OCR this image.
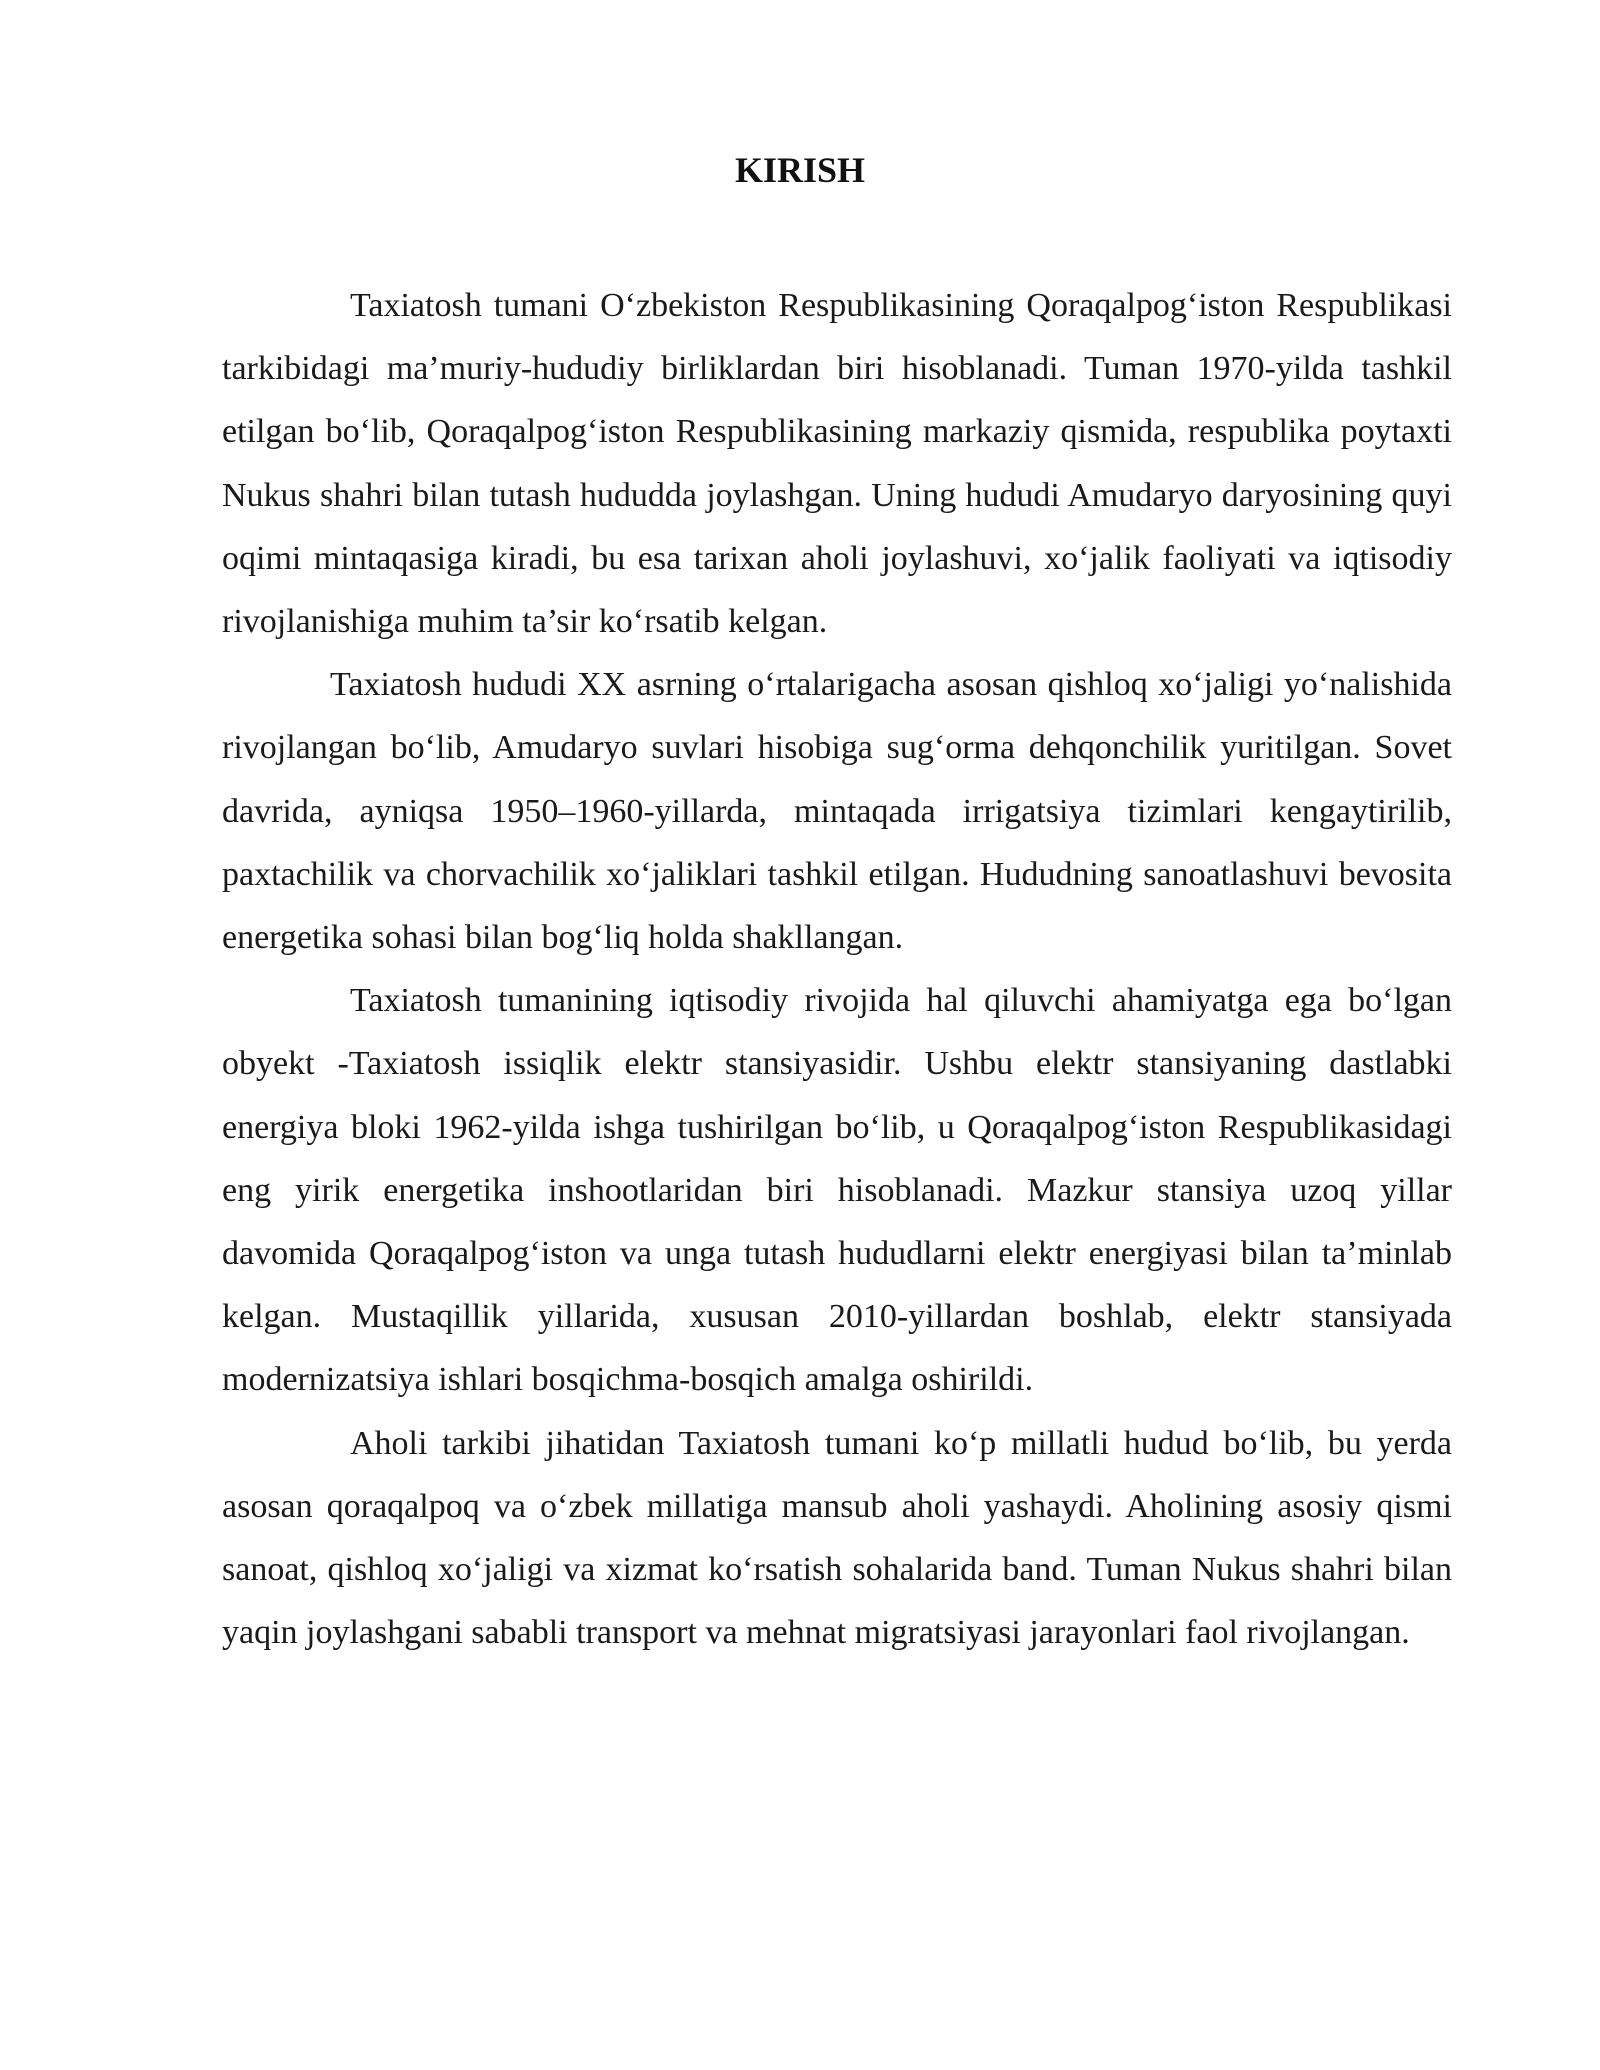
KIRISH

Taxiatosh tumani O‘zbekiston Respublikasining Qoraqalpog‘iston Respublikasi tarkibidagi ma’muriy-hududiy birliklardan biri hisoblanadi. Tuman 1970-yilda tashkil etilgan bo‘lib, Qoraqalpog‘iston Respublikasining markaziy qismida, respublika poytaxti Nukus shahri bilan tutash hududda joylashgan. Uning hududi Amudaryo daryosining quyi oqimi mintaqasiga kiradi, bu esa tarixan aholi joylashuvi, xo‘jalik faoliyati va iqtisodiy rivojlanishiga muhim ta’sir ko‘rsatib kelgan.

Taxiatosh hududi XX asrning o‘rtalarigacha asosan qishloq xo‘jaligi yo‘nalishida rivojlangan bo‘lib, Amudaryo suvlari hisobiga sug‘orma dehqonchilik yuritilgan. Sovet davrida, ayniqsa 1950–1960-yillarda, mintaqada irrigatsiya tizimlari kengaytirilib, paxtachilik va chorvachilik xo‘jaliklari tashkil etilgan. Hududning sanoatlashuvi bevosita energetika sohasi bilan bog‘liq holda shakllangan.

Taxiatosh tumanining iqtisodiy rivojida hal qiluvchi ahamiyatga ega bo‘lgan obyekt -Taxiatosh issiqlik elektr stansiyasidir. Ushbu elektr stansiyaning dastlabki energiya bloki 1962-yilda ishga tushirilgan bo‘lib, u Qoraqalpog‘iston Respublikasidagi eng yirik energetika inshootlaridan biri hisoblanadi. Mazkur stansiya uzoq yillar davomida Qoraqalpog‘iston va unga tutash hududlarni elektr energiyasi bilan ta’minlab kelgan. Mustaqillik yillarida, xususan 2010-yillardan boshlab, elektr stansiyada modernizatsiya ishlari bosqichma-bosqich amalga oshirildi.

Aholi tarkibi jihatidan Taxiatosh tumani ko‘p millatli hudud bo‘lib, bu yerda asosan qoraqalpoq va o‘zbek millatiga mansub aholi yashaydi. Aholining asosiy qismi sanoat, qishloq xo‘jaligi va xizmat ko‘rsatish sohalarida band. Tuman Nukus shahri bilan yaqin joylashgani sababli transport va mehnat migratsiyasi jarayonlari faol rivojlangan.
